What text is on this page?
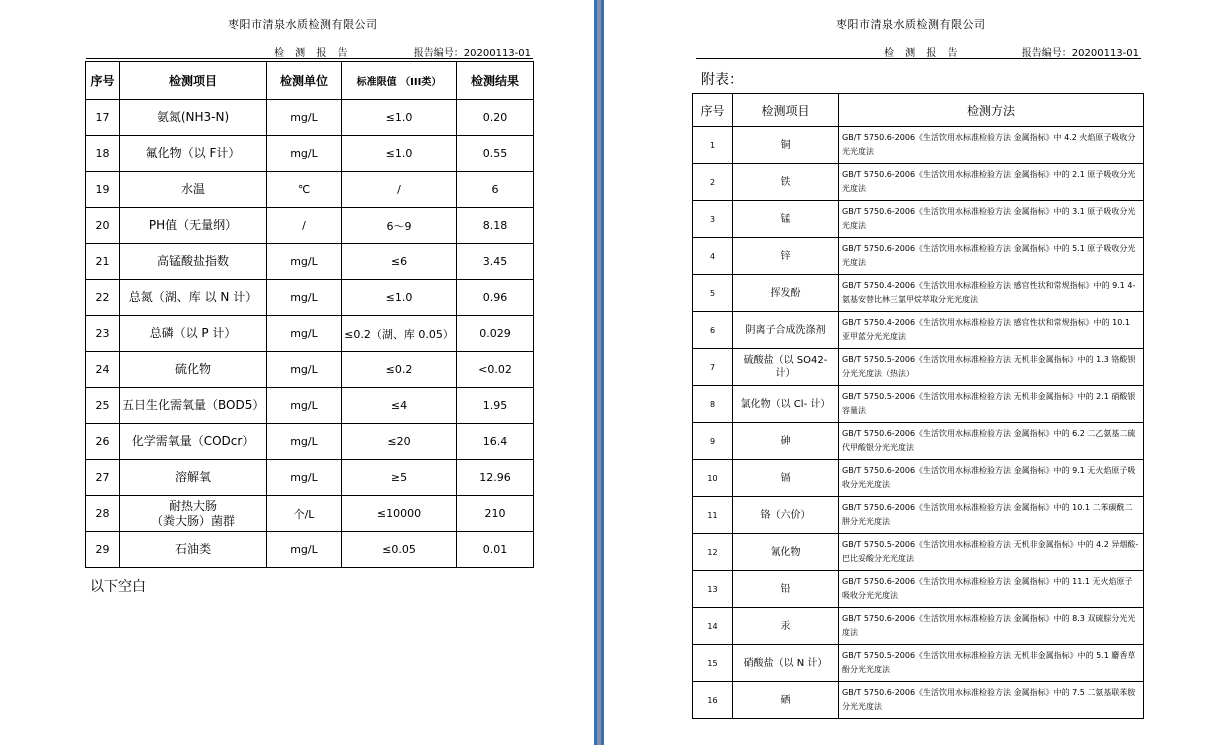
枣阳市清泉水质检测有限公司
检 测 报 告	报告编号：20200113-01
序号	检测项目	检测单位	标准限值 （III类）	检测结果
17	氨氮(NH3-N)	mg/L	≤1.0	0.20
18	氟化物（以 F计）	mg/L	≤1.0	0.55
19	水温	℃	/	6
20	PH值（无量纲）	/	6～9	8.18
21	高锰酸盐指数	mg/L	≤6	3.45
22	总氮（湖、库 以 N 计）	mg/L	≤1.0	0.96
23	总磷（以 P 计）	mg/L	≤0.2（湖、库 0.05）	0.029
24	硫化物	mg/L	≤0.2	<0.02
25	五日生化需氧量（BOD5）	mg/L	≤4	1.95
26	化学需氧量（CODcr）	mg/L	≤20	16.4
27	溶解氧	mg/L	≥5	12.96
28	耐热大肠
（粪大肠）菌群	个/L	≤10000	210
29	石油类	mg/L	≤0.05	0.01
以下空白
枣阳市清泉水质检测有限公司
检 测 报 告	报告编号：20200113-01
附表：
序号	检测项目	检测方法
1	铜	GB/T 5750.6-2006《生活饮用水标准检验方法 金属指标》中 4.2 火焰原子吸收分光光度法
2	铁	GB/T 5750.6-2006《生活饮用水标准检验方法 金属指标》中的 2.1 原子吸收分光光度法
3	锰	GB/T 5750.6-2006《生活饮用水标准检验方法 金属指标》中的 3.1 原子吸收分光光度法
4	锌	GB/T 5750.6-2006《生活饮用水标准检验方法 金属指标》中的 5.1 原子吸收分光光度法
5	挥发酚	GB/T 5750.4-2006《生活饮用水标准检验方法 感官性状和常规指标》中的 9.1 4-氨基安替比林三氯甲烷萃取分光光度法
6	阴离子合成洗涤剂	GB/T 5750.4-2006《生活饮用水标准检验方法 感官性状和常规指标》中的 10.1 亚甲蓝分光光度法
7	硫酸盐（以 SO42- 计）	GB/T 5750.5-2006《生活饮用水标准检验方法 无机非金属指标》中的 1.3 铬酸钡分光光度法（热法）
8	氯化物（以 Cl- 计）	GB/T 5750.5-2006《生活饮用水标准检验方法 无机非金属指标》中的 2.1 硝酸银容量法
9	砷	GB/T 5750.6-2006《生活饮用水标准检验方法 金属指标》中的 6.2 二乙氨基二硫代甲酸银分光光度法
10	镉	GB/T 5750.6-2006《生活饮用水标准检验方法 金属指标》中的 9.1 无火焰原子吸收分光光度法
11	铬（六价）	GB/T 5750.6-2006《生活饮用水标准检验方法 金属指标》中的 10.1 二苯碳酰二肼分光光度法
12	氰化物	GB/T 5750.5-2006《生活饮用水标准检验方法 无机非金属指标》中的 4.2 异烟酸-巴比妥酸分光光度法
13	铅	GB/T 5750.6-2006《生活饮用水标准检验方法 金属指标》中的 11.1 无火焰原子吸收分光光度法
14	汞	GB/T 5750.6-2006《生活饮用水标准检验方法 金属指标》中的 8.3 双硫腙分光光度法
15	硝酸盐（以 N 计）	GB/T 5750.5-2006《生活饮用水标准检验方法 无机非金属指标》中的 5.1 麝香草酚分光光度法
16	硒	GB/T 5750.6-2006《生活饮用水标准检验方法 金属指标》中的 7.5 二氨基联苯胺分光光度法
